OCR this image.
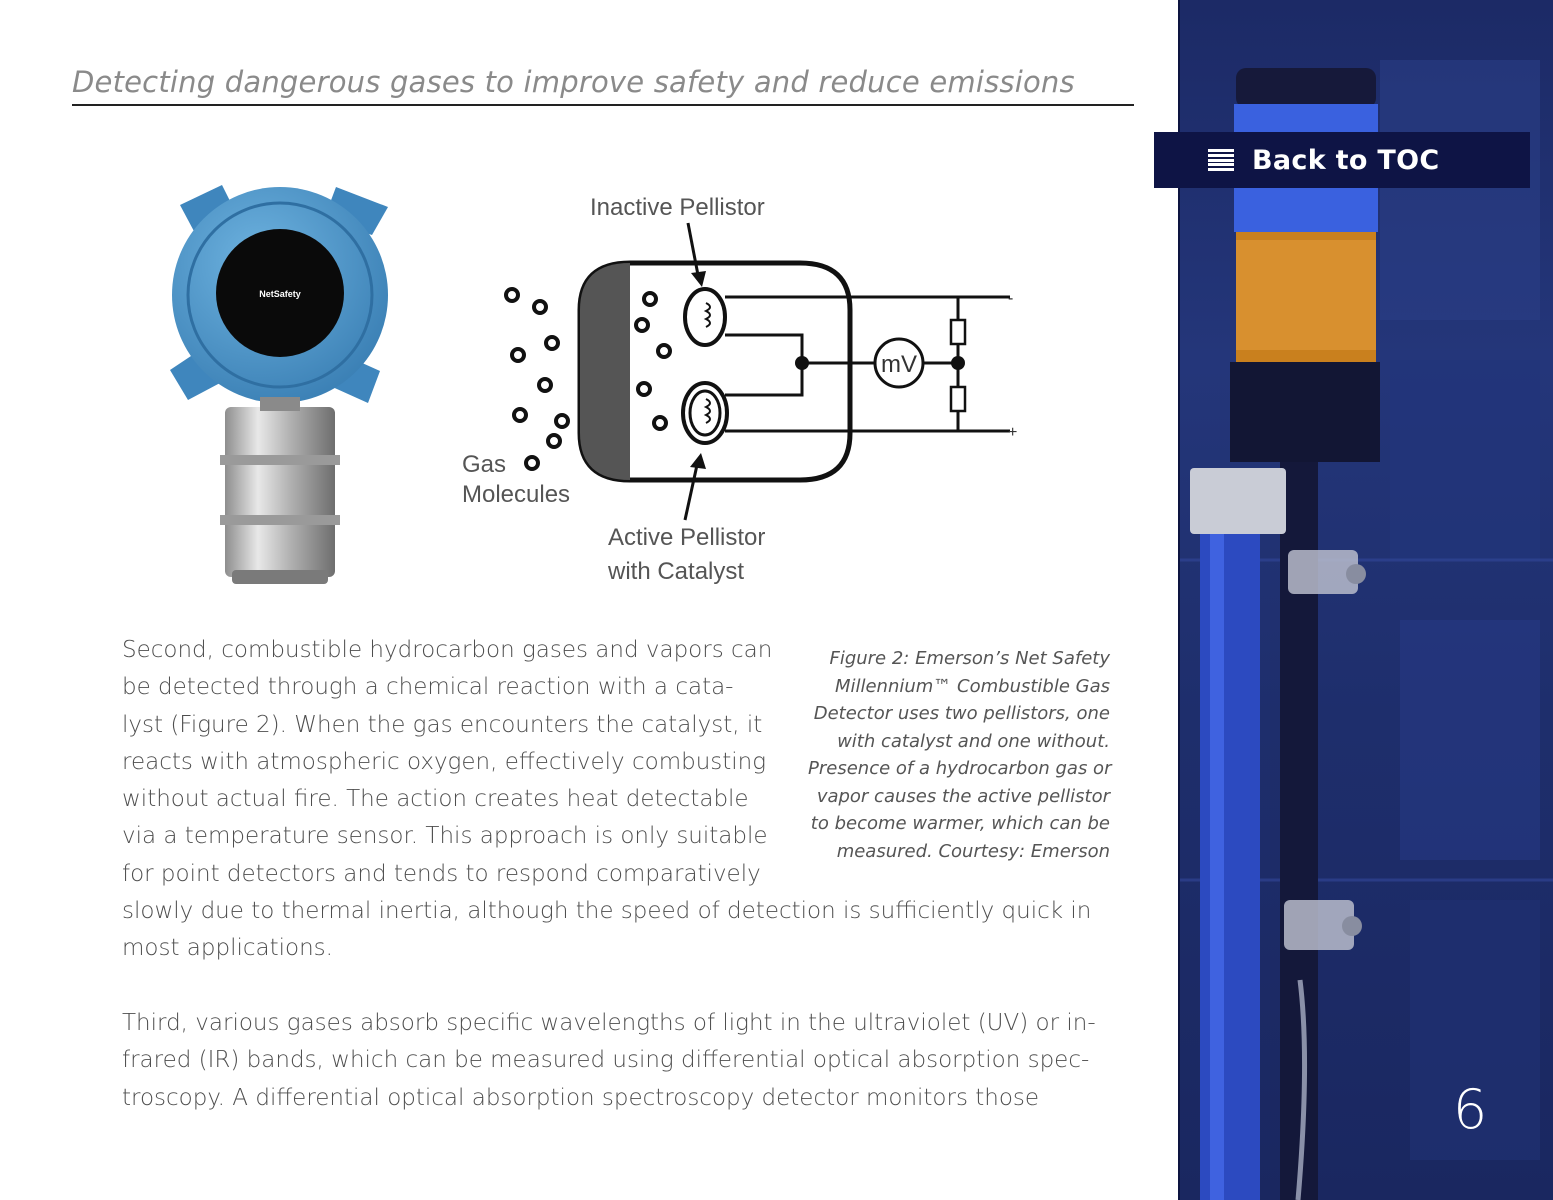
Detecting dangerous gases to improve safety and reduce emissions
NetSafety
Inactive Pellistor
Gas
Molecules
Active Pellistor
with Catalyst
mV
-
+
Figure 2: Emerson’s Net Safety
Millennium™ Combustible Gas
Detector uses two pellistors, one
with catalyst and one without.
Presence of a hydrocarbon gas or
vapor causes the active pellistor
to become warmer, which can be
measured. Courtesy: Emerson
Second, combustible hydrocarbon gases and vapors can
be detected through a chemical reaction with a cata-
lyst (Figure 2). When the gas encounters the catalyst, it
reacts with atmospheric oxygen, effectively combusting
without actual fire. The action creates heat detectable
via a temperature sensor. This approach is only suitable
for point detectors and tends to respond comparatively
slowly due to thermal inertia, although the speed of detection is sufficiently quick in
most applications.
Third, various gases absorb specific wavelengths of light in the ultraviolet (UV) or in-
frared (IR) bands, which can be measured using differential optical absorption spec-
troscopy. A differential optical absorption spectroscopy detector monitors those
Back to TOC
6
